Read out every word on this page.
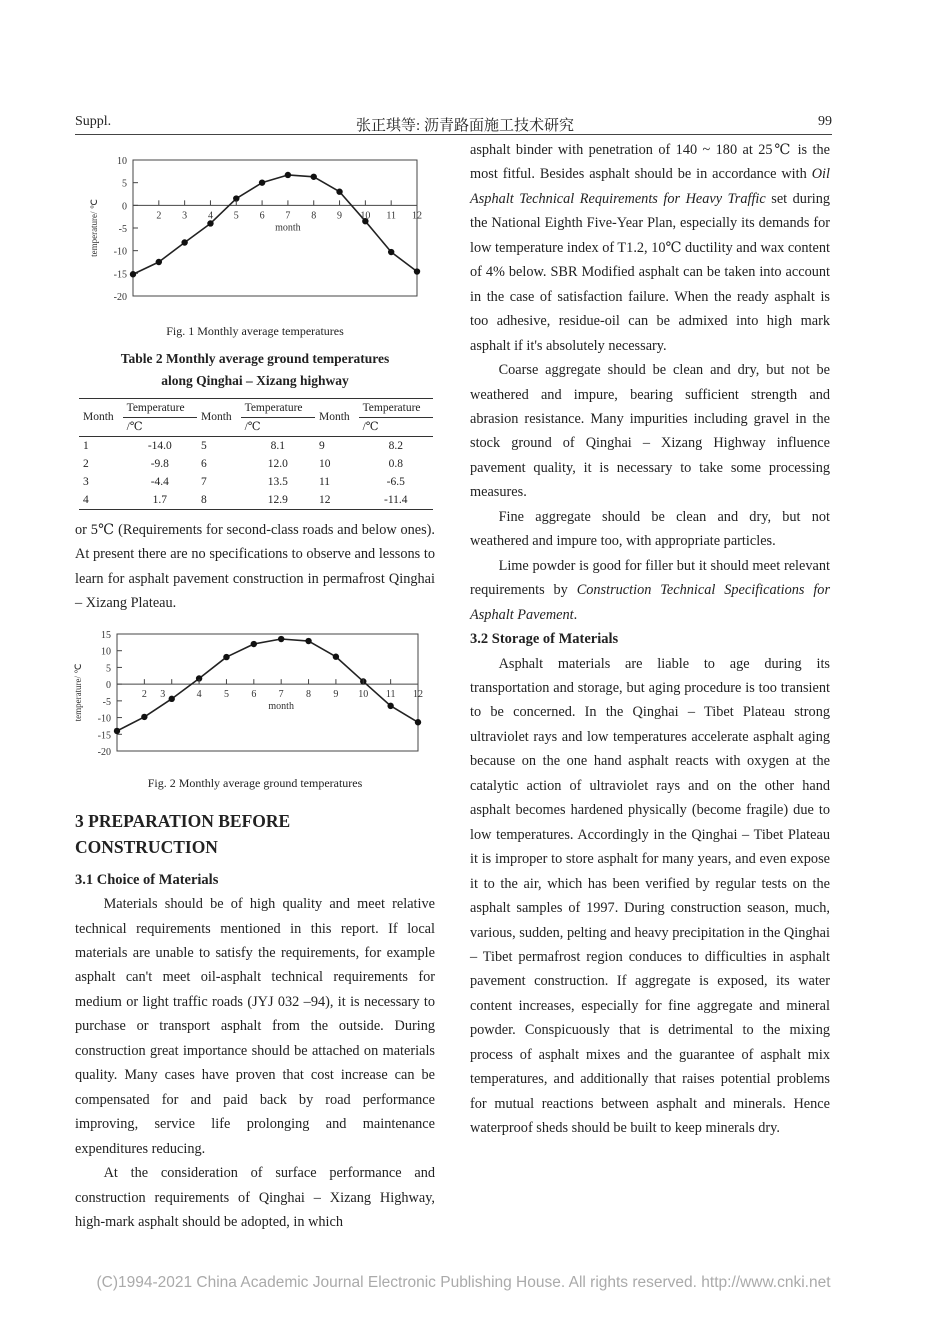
Suppl.	张正琪等: 沥青路面施工技术研究	99
10
5
0
-5
-10
-15
-20
month
temperature/ ℃	2 3 4 5 6 7 8 9 10 11 12

Fig. 1 Monthly average temperatures

Table 2 Monthly average ground temperatures
along Qinghai – Xizang highway
Month	Temperature	Month	Temperature	Month	Temperature
	/℃		/℃		/℃
1	-14.0	5	8.1	9	8.2
2	-9.8	6	12.0	10	0.8
3	-4.4	7	13.5	11	-6.5
4	1.7	8	12.9	12	-11.4

or 5℃ (Requirements for second-class roads and below ones). At present there are no specifications to observe and lessons to learn for asphalt pavement construction in permafrost Qinghai – Xizang Plateau.

15
10
5
0
-5
-10
-15
-20
month
temperature/ ℃	2 3	4 5 6 7 8 9 10 11 12

Fig. 2 Monthly average ground temperatures

3 PREPARATION BEFORE CONSTRUCTION

3.1 Choice of Materials

Materials should be of high quality and meet relative technical requirements mentioned in this report. If local materials are unable to satisfy the requirements, for example asphalt can't meet oil-asphalt technical requirements for medium or light traffic roads (JYJ 032 –94), it is necessary to purchase or transport asphalt from the outside. During construction great importance should be attached on materials quality. Many cases have proven that cost increase can be compensated for and paid back by road performance improving, service life prolonging and maintenance expenditures reducing.

At the consideration of surface performance and construction requirements of Qinghai – Xizang Highway, high-mark asphalt should be adopted, in which

asphalt binder with penetration of 140 ~ 180 at 25℃ is the most fitful. Besides asphalt should be in accordance with Oil Asphalt Technical Requirements for Heavy Traffic set during the National Eighth Five-Year Plan, especially its demands for low temperature index of T1.2, 10℃ ductility and wax content of 4% below. SBR Modified asphalt can be taken into account in the case of satisfaction failure. When the ready asphalt is too adhesive, residue-oil can be admixed into high mark asphalt if it's absolutely necessary.

Coarse aggregate should be clean and dry, but not be weathered and impure, bearing sufficient strength and abrasion resistance. Many impurities including gravel in the stock ground of Qinghai – Xizang Highway influence pavement quality, it is necessary to take some processing measures.

Fine aggregate should be clean and dry, but not weathered and impure too, with appropriate particles.

Lime powder is good for filler but it should meet relevant requirements by Construction Technical Specifications for Asphalt Pavement.

3.2 Storage of Materials

Asphalt materials are liable to age during its transportation and storage, but aging procedure is too transient to be concerned. In the Qinghai – Tibet Plateau strong ultraviolet rays and low temperatures accelerate asphalt aging because on the one hand asphalt reacts with oxygen at the catalytic action of ultraviolet rays and on the other hand asphalt becomes hardened physically (become fragile) due to low temperatures. Accordingly in the Qinghai – Tibet Plateau it is improper to store asphalt for many years, and even expose it to the air, which has been verified by regular tests on the asphalt samples of 1997. During construction season, much, various, sudden, pelting and heavy precipitation in the Qinghai – Tibet permafrost region conduces to difficulties in asphalt pavement construction. If aggregate is exposed, its water content increases, especially for fine aggregate and mineral powder. Conspicuously that is detrimental to the mixing process of asphalt mixes and the guarantee of asphalt mix temperatures, and additionally that raises potential problems for mutual reactions between asphalt and minerals. Hence waterproof sheds should be built to keep minerals dry.

(C)1994-2021 China Academic Journal Electronic Publishing House. All rights reserved. http://www.cnki.net
